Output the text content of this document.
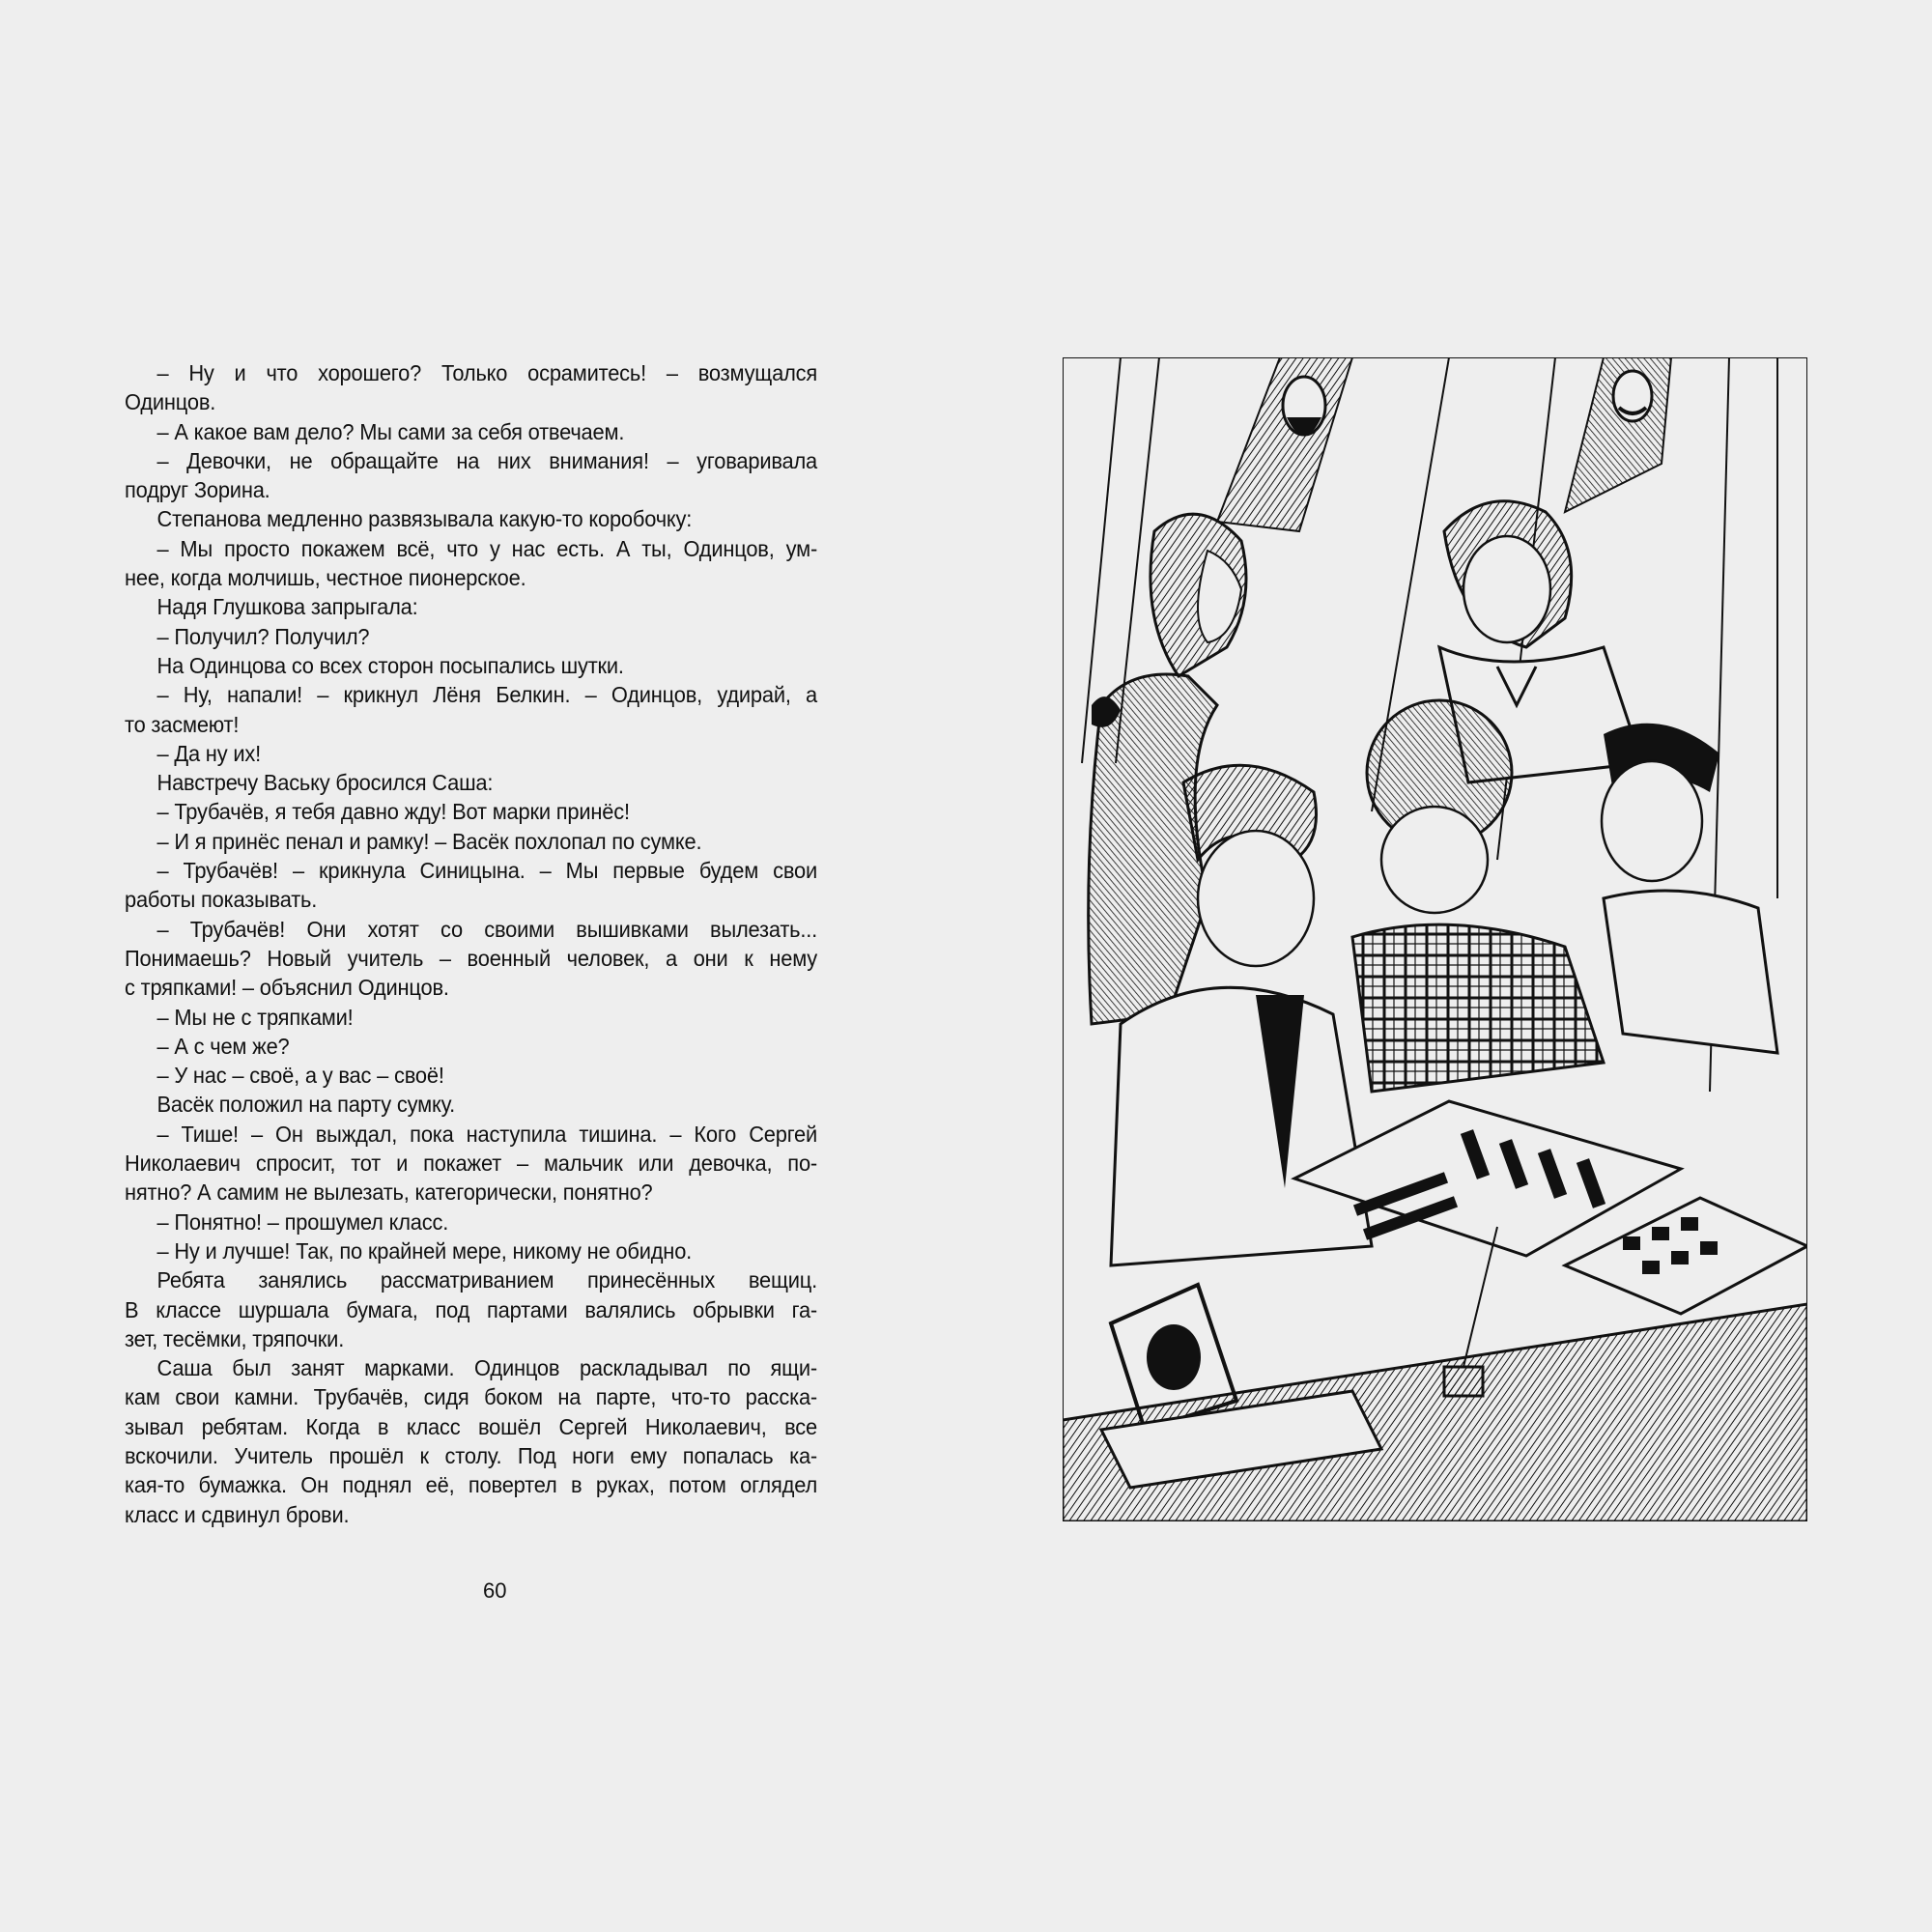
– Ну и что хорошего? Только осрамитесь! – возмущался
Одинцов.
– А какое вам дело? Мы сами за себя отвечаем.
– Девочки, не обращайте на них внимания! – уговаривала
подруг Зорина.
Степанова медленно развязывала какую-то коробочку:
– Мы просто покажем всё, что у нас есть. А ты, Одинцов, ум-
нее, когда молчишь, честное пионерское.
Надя Глушкова запрыгала:
– Получил? Получил?
На Одинцова со всех сторон посыпались шутки.
– Ну, напали! – крикнул Лёня Белкин. – Одинцов, удирай, а
то засмеют!
– Да ну их!
Навстречу Ваську бросился Саша:
– Трубачёв, я тебя давно жду! Вот марки принёс!
– И я принёс пенал и рамку! – Васёк похлопал по сумке.
– Трубачёв! – крикнула Синицына. – Мы первые будем свои
работы показывать.
– Трубачёв! Они хотят со своими вышивками вылезать...
Понимаешь? Новый учитель – военный человек, а они к нему
с тряпками! – объяснил Одинцов.
– Мы не с тряпками!
– А с чем же?
– У нас – своё, а у вас – своё!
Васёк положил на парту сумку.
– Тише! – Он выждал, пока наступила тишина. – Кого Сергей
Николаевич спросит, тот и покажет – мальчик или девочка, по-
нятно? А самим не вылезать, категорически, понятно?
– Понятно! – прошумел класс.
– Ну и лучше! Так, по крайней мере, никому не обидно.
Ребята занялись рассматриванием принесённых вещиц.
В классе шуршала бумага, под партами валялись обрывки га-
зет, тесёмки, тряпочки.
Саша был занят марками. Одинцов раскладывал по ящи-
кам свои камни. Трубачёв, сидя боком на парте, что-то расска-
зывал ребятам. Когда в класс вошёл Сергей Николаевич, все
вскочили. Учитель прошёл к столу. Под ноги ему попалась ка-
кая-то бумажка. Он поднял её, повертел в руках, потом оглядел
класс и сдвинул брови.
60
